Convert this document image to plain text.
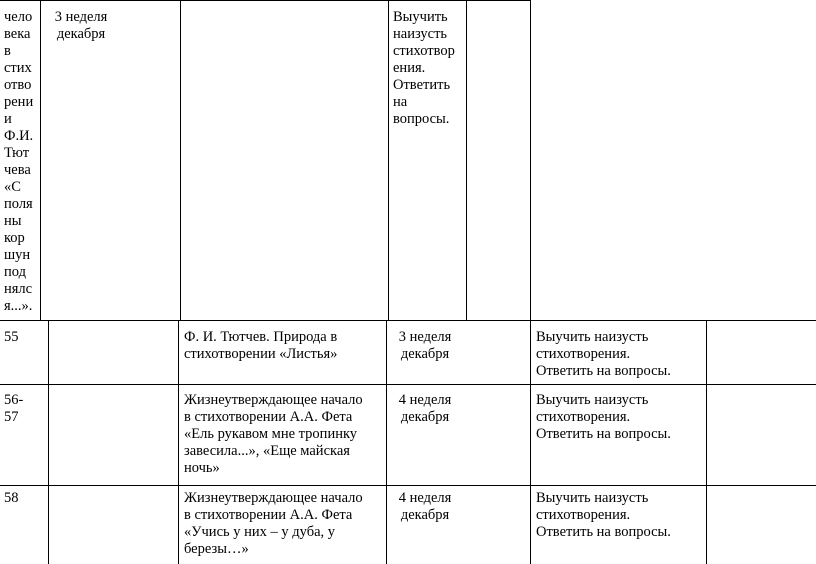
чело
века
в
стих
отво
рени
и
Ф.И.
Тют
чева
«С
поля
ны
кор
шун
под
нялс
я...».
3 неделя
декабря
Выучить
наизусть
стихотвор
ения.
Ответить
на
вопросы.
55	Ф. И. Тютчев. Природа в
стихотворении «Листья»
3 неделя
декабря
Выучить наизусть
стихотворения.
Ответить на вопросы.
56-
57
Жизнеутверждающее начало
в стихотворении А.А. Фета
«Ель рукавом мне тропинку
завесила...», «Еще майская
ночь»
4 неделя
декабря
Выучить наизусть
стихотворения.
Ответить на вопросы.
58	Жизнеутверждающее начало
в стихотворении А.А. Фета
«Учись у них – у дуба, у
березы…»
4 неделя
декабря
Выучить наизусть
стихотворения.
Ответить на вопросы.
